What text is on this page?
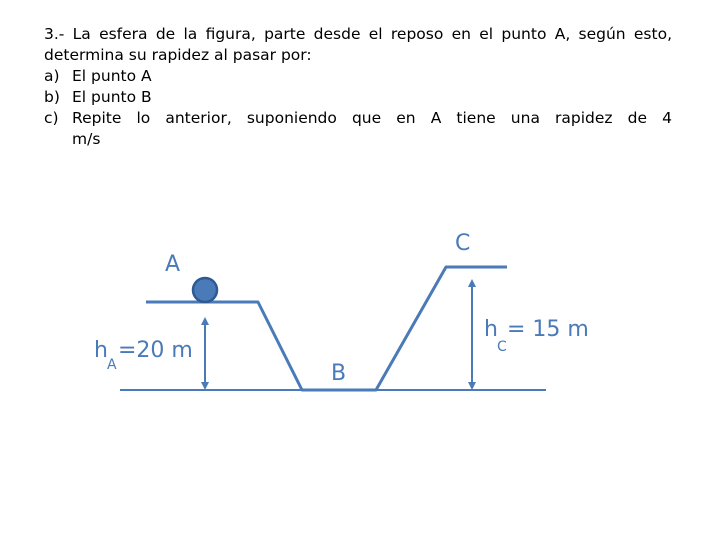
3.- La esfera de la figura, parte desde el reposo en el punto A, según esto, determina su rapidez al pasar por:

a) El punto A
b) El punto B
c) Repite lo anterior, suponiendo que en A tiene una rapidez de 4

m/s

A
B
C
h
A
=20 m
h
C
= 15 m
